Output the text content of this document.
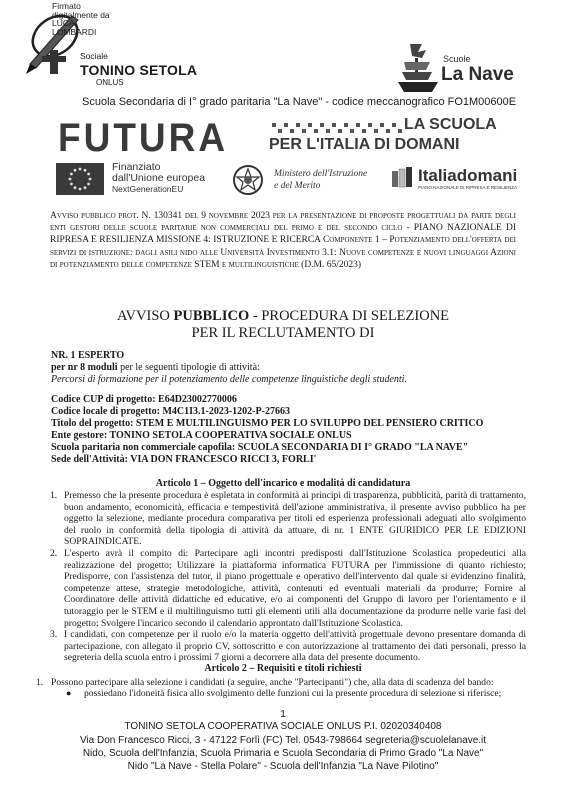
Firmato digitalmente da LUCA LOMBARDI
Sociale
TONINO SETOLA
ONLUS
Scuole
La Nave
Scuola Secondaria di I° grado paritaria "La Nave" - codice meccanografico FO1M00600E
FUTURA	LA SCUOLA
PER L'ITALIA DI DOMANI
Finanziato
dall'Unione europea
NextGenerationEU
Ministero dell'Istruzione
e del Merito
Italiadomani
PIANO NAZIONALE DI RIPRESA E RESILIENZA
Avviso pubblico prot. N. 130341 del 9 novembre 2023 per la presentazione di proposte progettuali da parte degli enti gestori delle scuole paritarie non commerciali del primo e del secondo ciclo - PIANO NAZIONALE DI RIPRESA E RESILIENZA MISSIONE 4: ISTRUZIONE E RICERCA Componente 1 – Potenziamento dell'offerta dei servizi di istruzione: dagli asili nido alle Università Investimento 3.1: Nuove competenze e nuovi linguaggi Azioni di potenziamento delle competenze STEM e multilinguistiche (D.M. 65/2023)
AVVISO PUBBLICO - PROCEDURA DI SELEZIONE
PER IL RECLUTAMENTO DI
NR. 1 ESPERTO
per nr 8 moduli per le seguenti tipologie di attività:
Percorsi di formazione per il potenziamento delle competenze linguistiche degli studenti.
Codice CUP di progetto: E64D23002770006
Codice locale di progetto: M4C1I3.1-2023-1202-P-27663
Titolo del progetto: STEM E MULTILINGUISMO PER LO SVILUPPO DEL PENSIERO CRITICO
Ente gestore: TONINO SETOLA COOPERATIVA SOCIALE ONLUS
Scuola paritaria non commerciale capofila: SCUOLA SECONDARIA DI I° GRADO "LA NAVE"
Sede dell'Attività: VIA DON FRANCESCO RICCI 3, FORLI'
Articolo 1 – Oggetto dell'incarico e modalità di candidatura
1. Premesso che la presente procedura è espletata in conformità ai principi di trasparenza, pubblicità, parità di trattamento, buon andamento, economicità, efficacia e tempestività dell'azione amministrativa, il presente avviso pubblico ha per oggetto la selezione, mediante procedura comparativa per titoli ed esperienza professionali adeguati allo svolgimento del ruolo in conformità della tipologia di attività da attuare, di nr. 1 ENTE GIURIDICO PER LE EDIZIONI SOPRAINDICATE.
2. L'esperto avrà il compito di: Partecipare agli incontri predisposti dall'Istituzione Scolastica propedeutici alla realizzazione del progetto; Utilizzare la piattaforma informatica FUTURA per l'immissione di quanto richiesto; Predisporre, con l'assistenza del tutor, il piano progettuale e operativo dell'intervento dal quale si evidenzino finalità, competenze attese, strategie metodologiche, attività, contenuti ed eventuali materiali da produrre; Fornire al Coordinatore delle attività didattiche ed educative, e/o ai componenti del Gruppo di lavoro per l'orientamento e il tutoraggio per le STEM e il multilinguismo tutti gli elementi utili alla documentazione da produrre nelle varie fasi del progetto; Svolgere l'incarico secondo il calendario approntato dall'Istituzione Scolastica.
3. I candidati, con competenze per il ruolo e/o la materia oggetto dell'attività progettuale devono presentare domanda di partecipazione, con allegato il proprio CV, sottoscritto e con autorizzazione al trattamento dei dati personali, presso la segreteria della scuola entro i prossimi 7 giorni a decorrere alla data del presente documento.
Articolo 2 – Requisiti e titoli richiesti
1. Possono partecipare alla selezione i candidati (a seguire, anche "Partecipanti") che, alla data di scadenza del bando:
● possiedano l'idoneità fisica allo svolgimento delle funzioni cui la presente procedura di selezione si riferisce;
1
TONINO SETOLA COOPERATIVA SOCIALE ONLUS P.I. 02020340408
Via Don Francesco Ricci, 3 - 47122 Forlì (FC) Tel. 0543-798664 segreteria@scuolelanave.it
Nido, Scuola dell'Infanzia, Scuola Primaria e Scuola Secondaria di Primo Grado "La Nave"
Nido "La Nave - Stella Polare" - Scuola dell'Infanzia "La Nave Pilotino"
